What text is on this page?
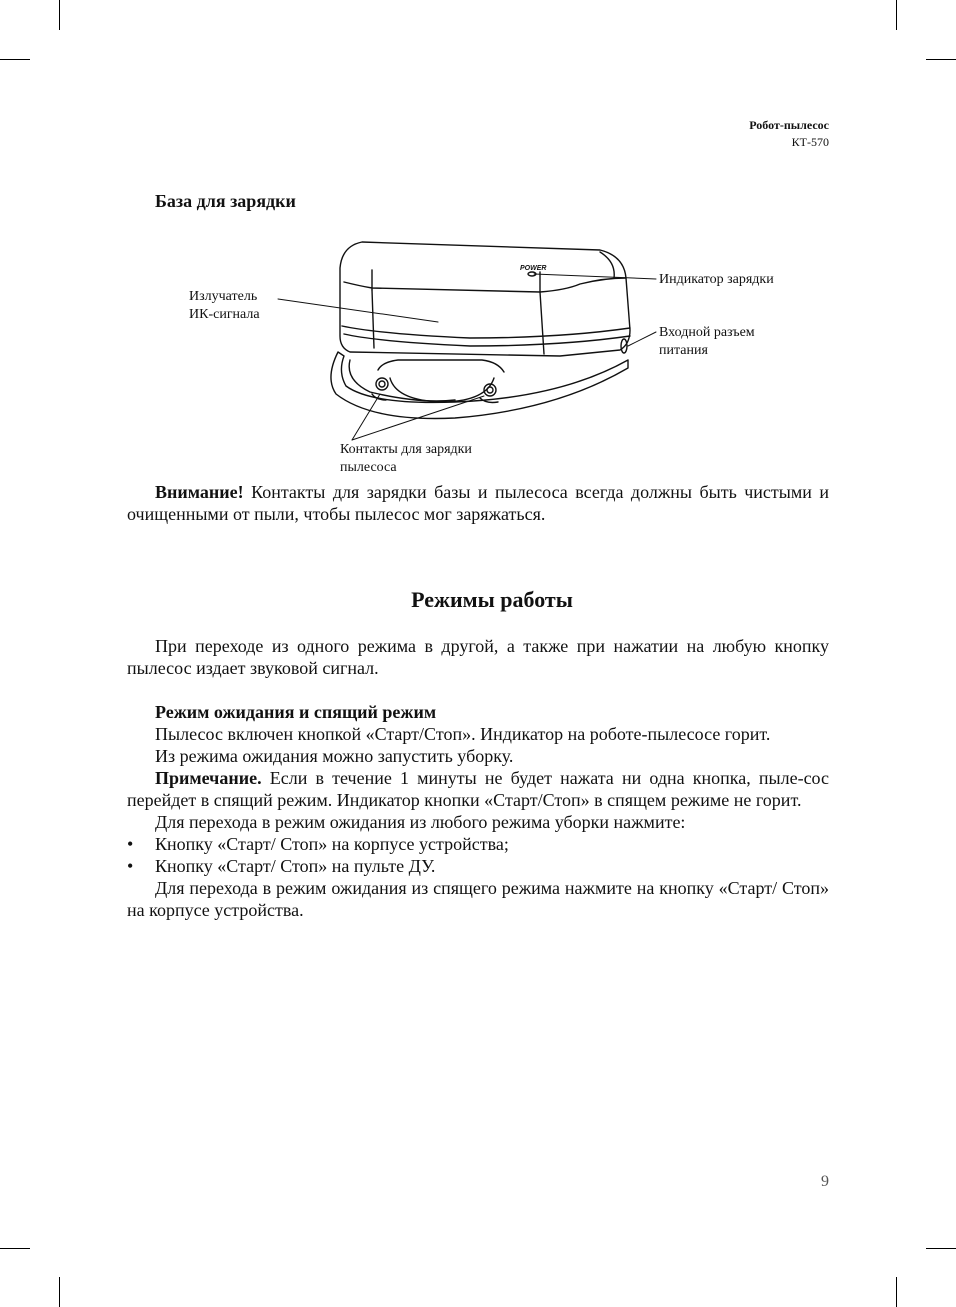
Робот-пылесос
КТ-570
База для зарядки
POWER
Излучатель
ИК-сигнала
Индикатор зарядки
Входной разъем
питания
Контакты для зарядки
пылесоса

Внимание! Контакты для зарядки базы и пылесоса всегда должны быть чистыми и очищенными от пыли, чтобы пылесос мог заряжаться.

Режимы работы

При переходе из одного режима в другой, а также при нажатии на любую кнопку пылесос издает звуковой сигнал.

Режим ожидания и спящий режим

Пылесос включен кнопкой «Старт/Стоп». Индикатор на роботе-пылесосе горит.

Из режима ожидания можно запустить уборку.

Примечание. Если в течение 1 минуты не будет нажата ни одна кнопка, пыле-сос перейдет в спящий режим. Индикатор кнопки «Старт/Стоп» в спящем режиме не горит.

Для перехода в режим ожидания из любого режима уборки нажмите:

•	Кнопку «Старт/ Стоп» на корпусе устройства;
•	Кнопку «Старт/ Стоп» на пульте ДУ.

Для перехода в режим ожидания из спящего режима нажмите на кнопку «Старт/ Стоп» на корпусе устройства.

9
